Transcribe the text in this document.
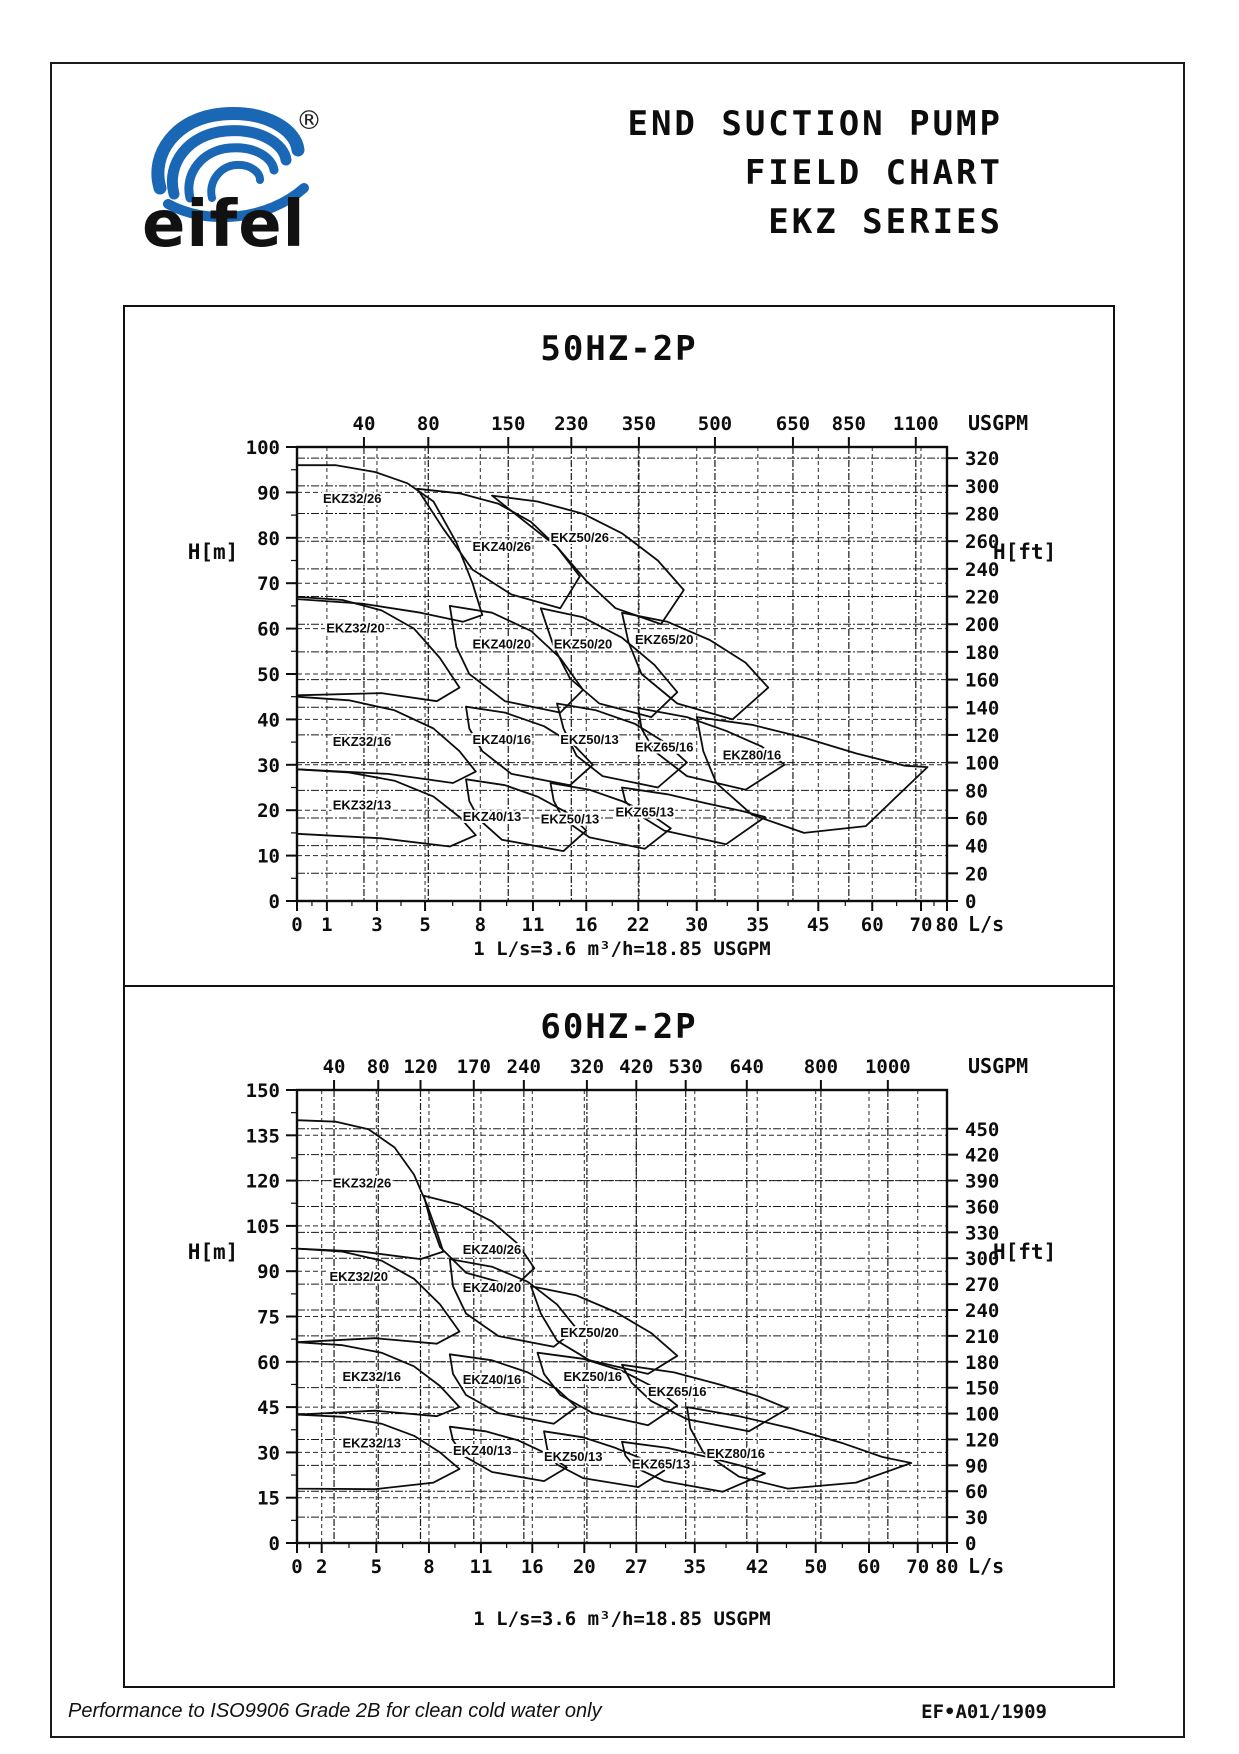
®
eifel
END SUCTION PUMP
FIELD CHART
EKZ SERIES
50HZ-2P
0 1 3 5 8 11 16 22 30 35 45 60 70 80 L/s
40 80	150 230 350 500 650 850 1100 USGPM
100
90
80
70
60
50
40
30
20
10
0
H[m]
320
300
280
260
240
220
200
180
160
140
120
100
80
60
40
20
0
H[ft]
EKZ32/26
EKZ40/26
EKZ50/26
EKZ32/20
EKZ40/20 EKZ50/20 EKZ65/20
EKZ32/16	EKZ40/16 EKZ50/13
EKZ65/16
EKZ80/16
EKZ32/13
EKZ40/13 EKZ50/13 EKZ65/13
1 L/s=3.6 m³/h=18.85 USGPM
60HZ-2P
0 2 5 8 11 16 20 27 35 42 50 60 70 80 L/s
40 80 120 170 240 320 420 530 640 800 1000	USGPM
150
135
120
105
90
75
60
45
30
15
0
H[m]
450
420
390
360
330
300
270
240
210
180
150
100
120
90
60
30
0
H[ft]
EKZ32/26
EKZ40/26
EKZ32/20
EKZ40/20
EKZ50/20
EKZ32/16	EKZ40/16	EKZ50/16
EKZ65/16
EKZ32/13
EKZ40/13 EKZ50/13
EKZ65/13
EKZ80/16
1 L/s=3.6 m³/h=18.85 USGPM
Performance to ISO9906 Grade 2B for clean cold water only	EF•A01/1909
